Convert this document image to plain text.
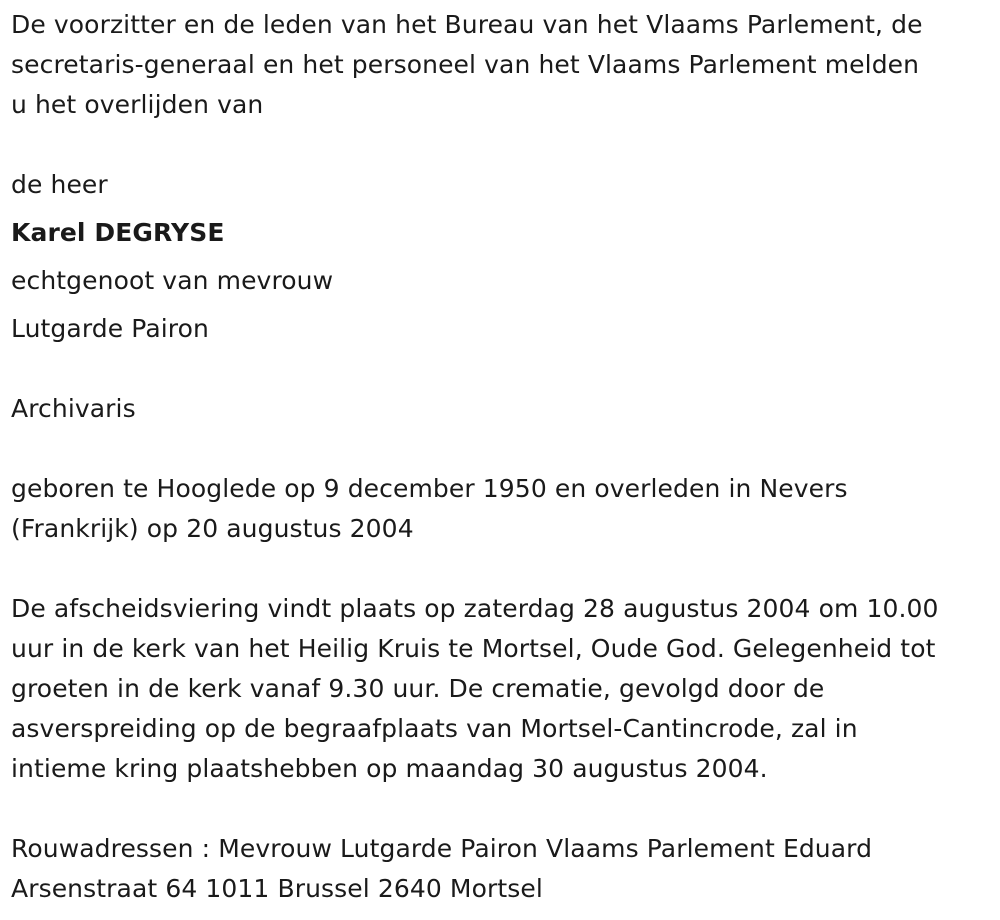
De voorzitter en de leden van het Bureau van het Vlaams Parlement, de
secretaris-generaal en het personeel van het Vlaams Parlement melden
u het overlijden van
de heer
Karel DEGRYSE
echtgenoot van mevrouw
Lutgarde Pairon
Archivaris
geboren te Hooglede op 9 december 1950 en overleden in Nevers
(Frankrijk) op 20 augustus 2004
De afscheidsviering vindt plaats op zaterdag 28 augustus 2004 om 10.00
uur in de kerk van het Heilig Kruis te Mortsel, Oude God. Gelegenheid tot
groeten in de kerk vanaf 9.30 uur. De crematie, gevolgd door de
asverspreiding op de begraafplaats van Mortsel-Cantincrode, zal in
intieme kring plaatshebben op maandag 30 augustus 2004.
Rouwadressen : Mevrouw Lutgarde Pairon Vlaams Parlement Eduard
Arsenstraat 64 1011 Brussel 2640 Mortsel
